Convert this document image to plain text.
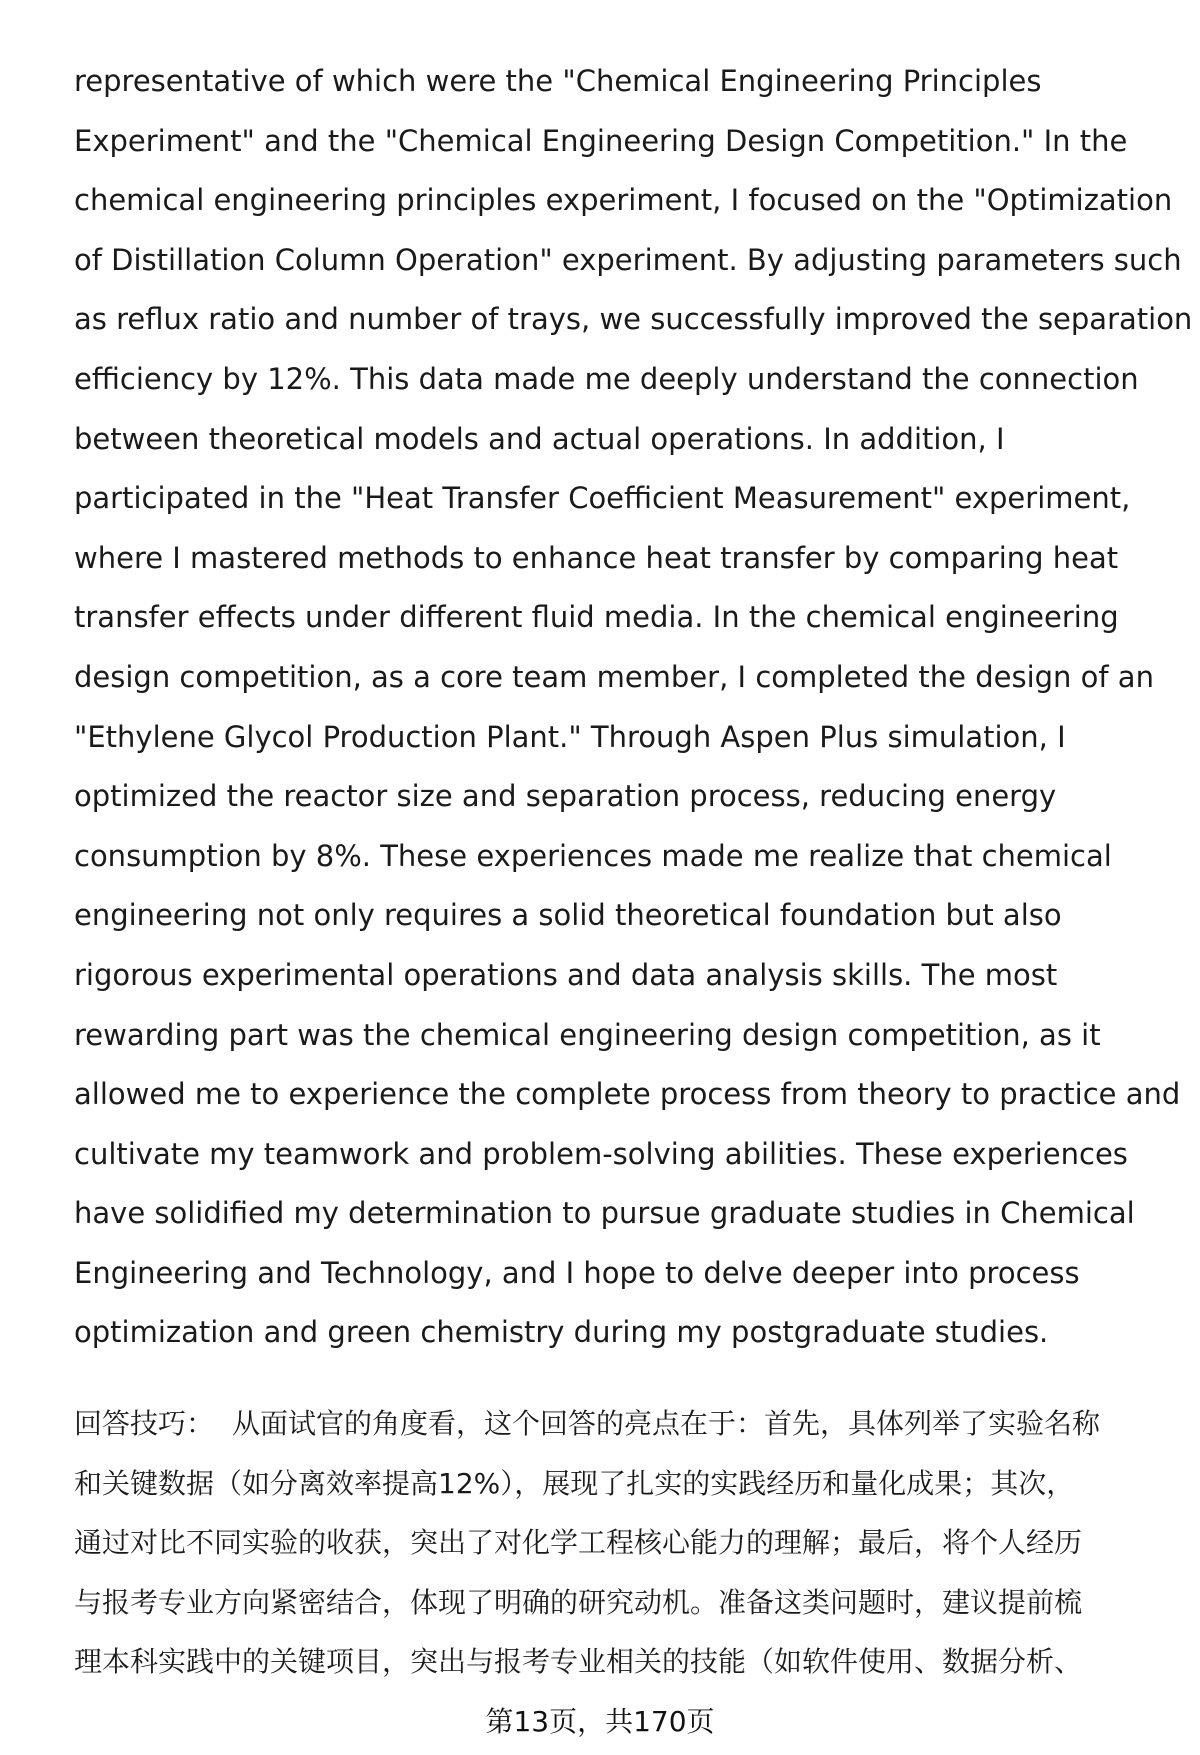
representative of which were the "Chemical Engineering Principles
Experiment" and the "Chemical Engineering Design Competition." In the
chemical engineering principles experiment, I focused on the "Optimization
of Distillation Column Operation" experiment. By adjusting parameters such
as reflux ratio and number of trays, we successfully improved the separation
efficiency by 12%. This data made me deeply understand the connection
between theoretical models and actual operations. In addition, I
participated in the "Heat Transfer Coefficient Measurement" experiment,
where I mastered methods to enhance heat transfer by comparing heat
transfer effects under different fluid media. In the chemical engineering
design competition, as a core team member, I completed the design of an
"Ethylene Glycol Production Plant." Through Aspen Plus simulation, I
optimized the reactor size and separation process, reducing energy
consumption by 8%. These experiences made me realize that chemical
engineering not only requires a solid theoretical foundation but also
rigorous experimental operations and data analysis skills. The most
rewarding part was the chemical engineering design competition, as it
allowed me to experience the complete process from theory to practice and
cultivate my teamwork and problem-solving abilities. These experiences
have solidified my determination to pursue graduate studies in Chemical
Engineering and Technology, and I hope to delve deeper into process
optimization and green chemistry during my postgraduate studies.
回答技巧： 从面试官的角度看，这个回答的亮点在于：首先，具体列举了实验名称
和关键数据（如分离效率提高12%），展现了扎实的实践经历和量化成果；其次，
通过对比不同实验的收获，突出了对化学工程核心能力的理解；最后，将个人经历
与报考专业方向紧密结合，体现了明确的研究动机。准备这类问题时，建议提前梳
理本科实践中的关键项目，突出与报考专业相关的技能（如软件使用、数据分析、
第13页，共170页
